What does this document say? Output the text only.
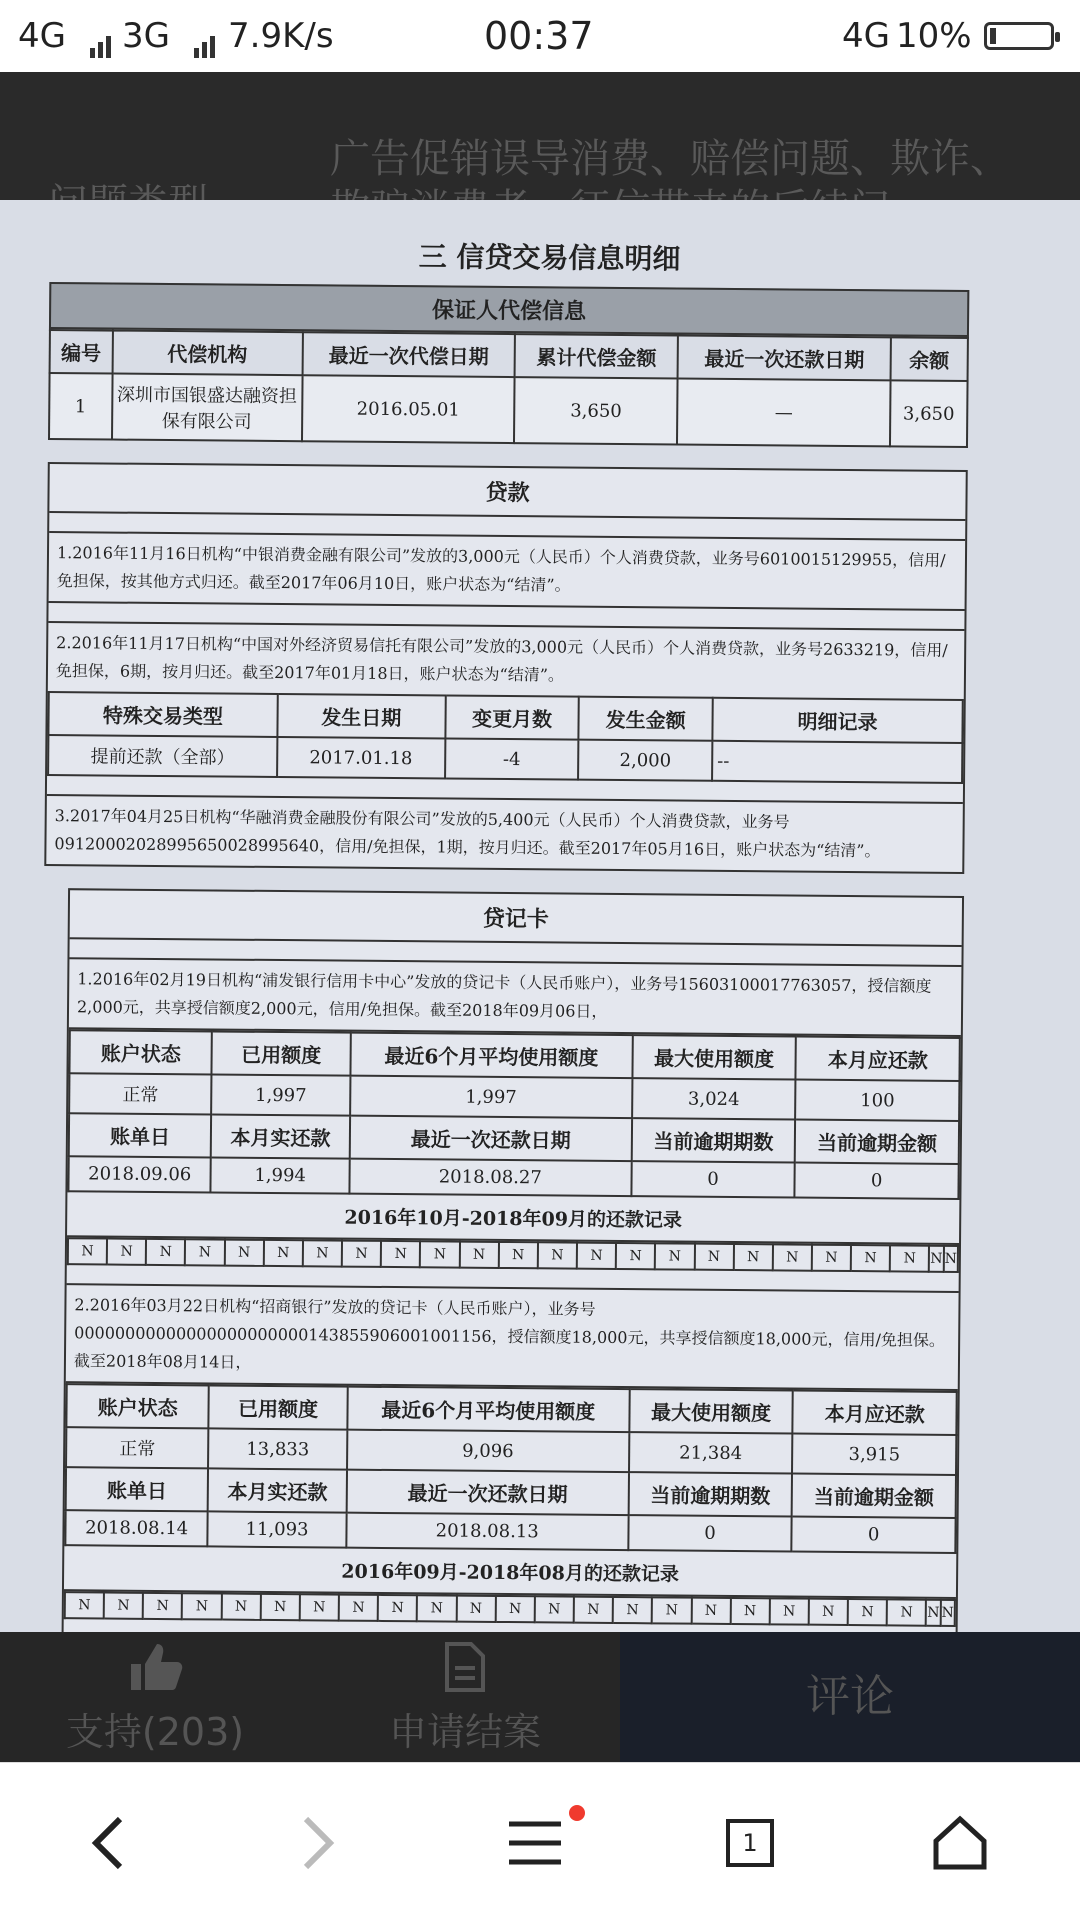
4G 3G 7.9K/s	00:37	4G 10%
广告促销误导消费、赔偿问题、欺诈、
三 信贷交易信息明细
保证人代偿信息
编号	代偿机构	最近一次代偿日期	累计代偿金额	最近一次还款日期	余额
1	深圳市国银盛达融资担保有限公司	2016.05.01	3,650	—	3,650
贷款
1.2016年11月16日机构“中银消费金融有限公司”发放的3,000元（人民币）个人消费贷款，业务号6010015129955，信用/免担保，按其他方式归还。截至2017年06月10日，账户状态为“结清”。
2.2016年11月17日机构“中国对外经济贸易信托有限公司”发放的3,000元（人民币）个人消费贷款，业务号2633219，信用/免担保，6期，按月归还。截至2017年01月18日，账户状态为“结清”。
特殊交易类型	发生日期	变更月数	发生金额	明细记录
提前还款（全部）	2017.01.18	-4	2,000	--
3.2017年04月25日机构“华融消费金融股份有限公司”发放的5,400元（人民币）个人消费贷款，业务号0912000202899565002899564​0，信用/免担保，1期，按月归还。截至2017年05月16日，账户状态为“结清”。
贷记卡
1.2016年02月19日机构“浦发银行信用卡中心”发放的贷记卡（人民币账户），业务号15603100017763057，授信额度2,000元，共享授信额度2,000元，信用/免担保。截至2018年09月06日，
账户状态	已用额度	最近6个月平均使用额度	最大使用额度	本月应还款
正常	1,997	1,997	3,024	100
账单日	本月实还款	最近一次还款日期	当前逾期期数	当前逾期金额
2018.09.06	1,994	2018.08.27	0	0
2016年10月-2018年09月的还款记录
N	N	N	N	N	N	N	N	N	N	N	N	N	N	N	N	N	N	N	N	N	N	N	N
2.2016年03月22日机构“招商银行”发放的贷记卡（人民币账户），业务号000000000000000000000001438559060010011​56，授信额度18,000元，共享授信额度18,000元，信用/免担保。截至2018年08月14日，
账户状态	已用额度	最近6个月平均使用额度	最大使用额度	本月应还款
正常	13,833	9,096	21,384	3,915
账单日	本月实还款	最近一次还款日期	当前逾期期数	当前逾期金额
2018.08.14	11,093	2018.08.13	0	0
2016年09月-2018年08月的还款记录
N	N	N	N	N	N	N	N	N	N	N	N	N	N	N	N	N	N	N	N	N	N	N	N
支持(203)	申请结案
评论
1
